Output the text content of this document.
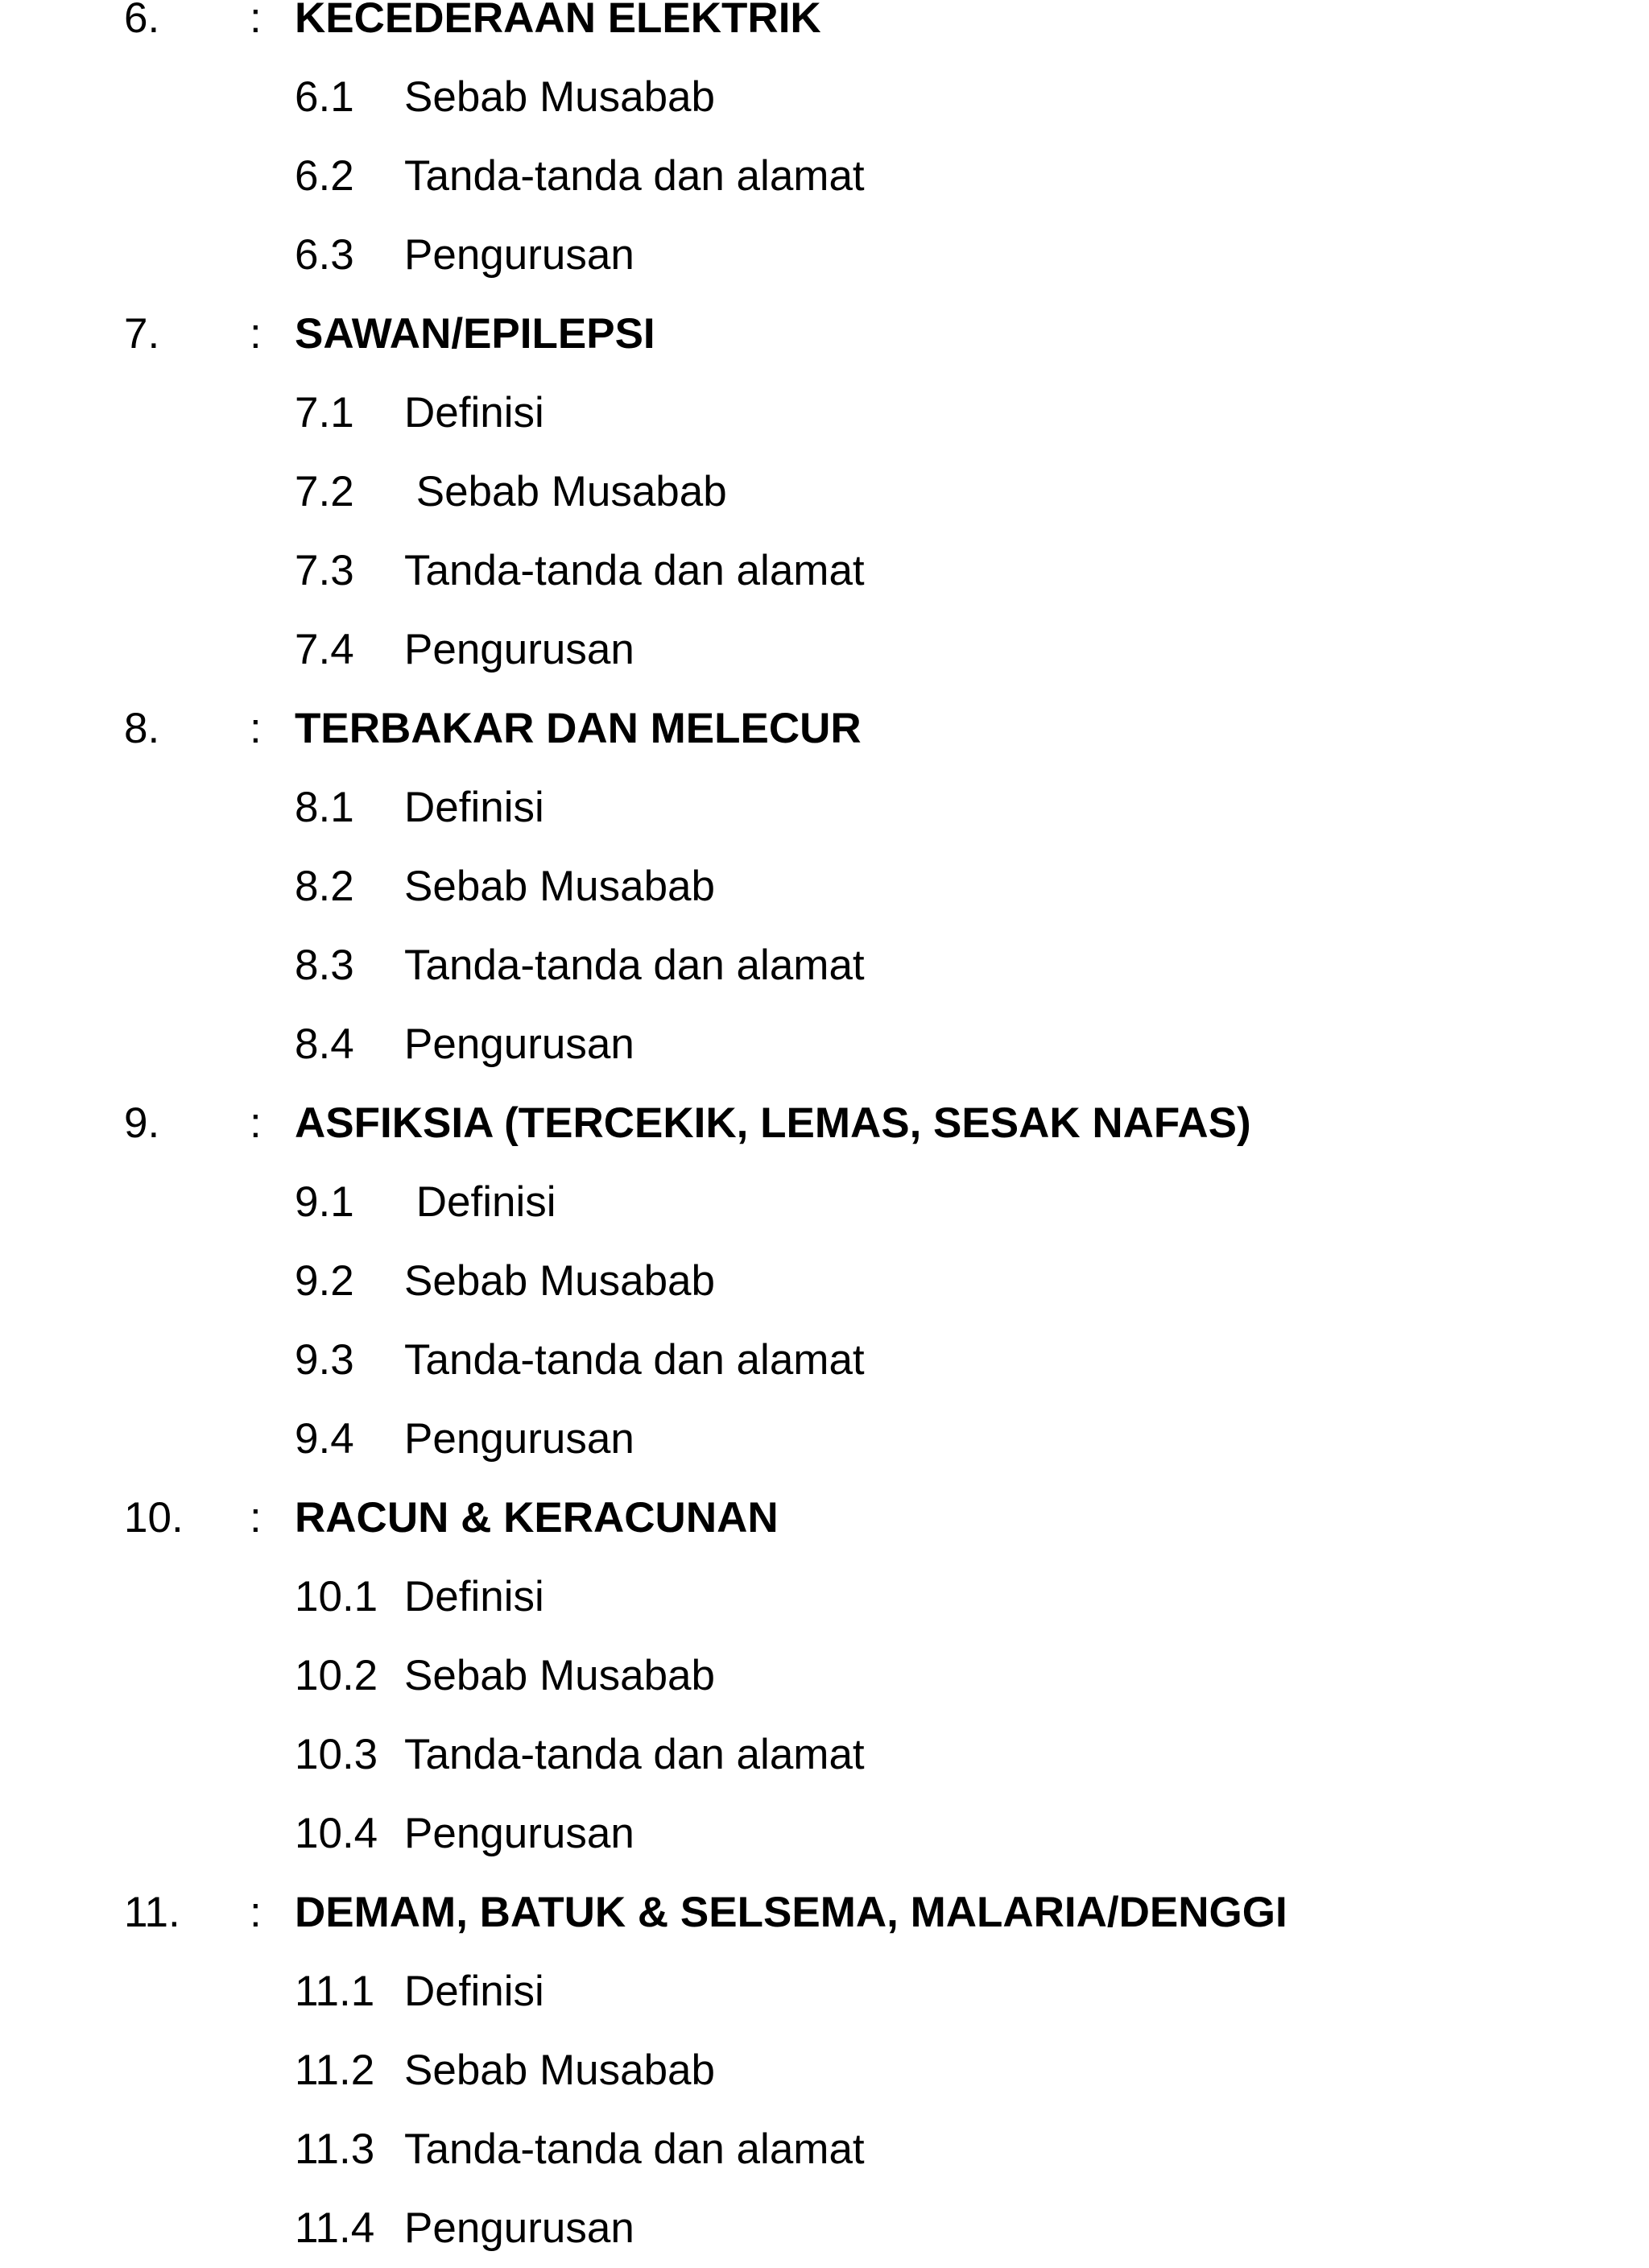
6. : KECEDERAAN ELEKTRIK
6.1 Sebab Musabab
6.2 Tanda-tanda dan alamat
6.3 Pengurusan
7. : SAWAN/EPILEPSI
7.1 Definisi
7.2 Sebab Musabab
7.3 Tanda-tanda dan alamat
7.4 Pengurusan
8. : TERBAKAR DAN MELECUR
8.1 Definisi
8.2 Sebab Musabab
8.3 Tanda-tanda dan alamat
8.4 Pengurusan
9. : ASFIKSIA (TERCEKIK, LEMAS, SESAK NAFAS)
9.1 Definisi
9.2 Sebab Musabab
9.3 Tanda-tanda dan alamat
9.4 Pengurusan
10. : RACUN & KERACUNAN
10.1 Definisi
10.2 Sebab Musabab
10.3 Tanda-tanda dan alamat
10.4 Pengurusan
11. : DEMAM, BATUK & SELSEMA, MALARIA/DENGGI
11.1 Definisi
11.2 Sebab Musabab
11.3 Tanda-tanda dan alamat
11.4 Pengurusan
